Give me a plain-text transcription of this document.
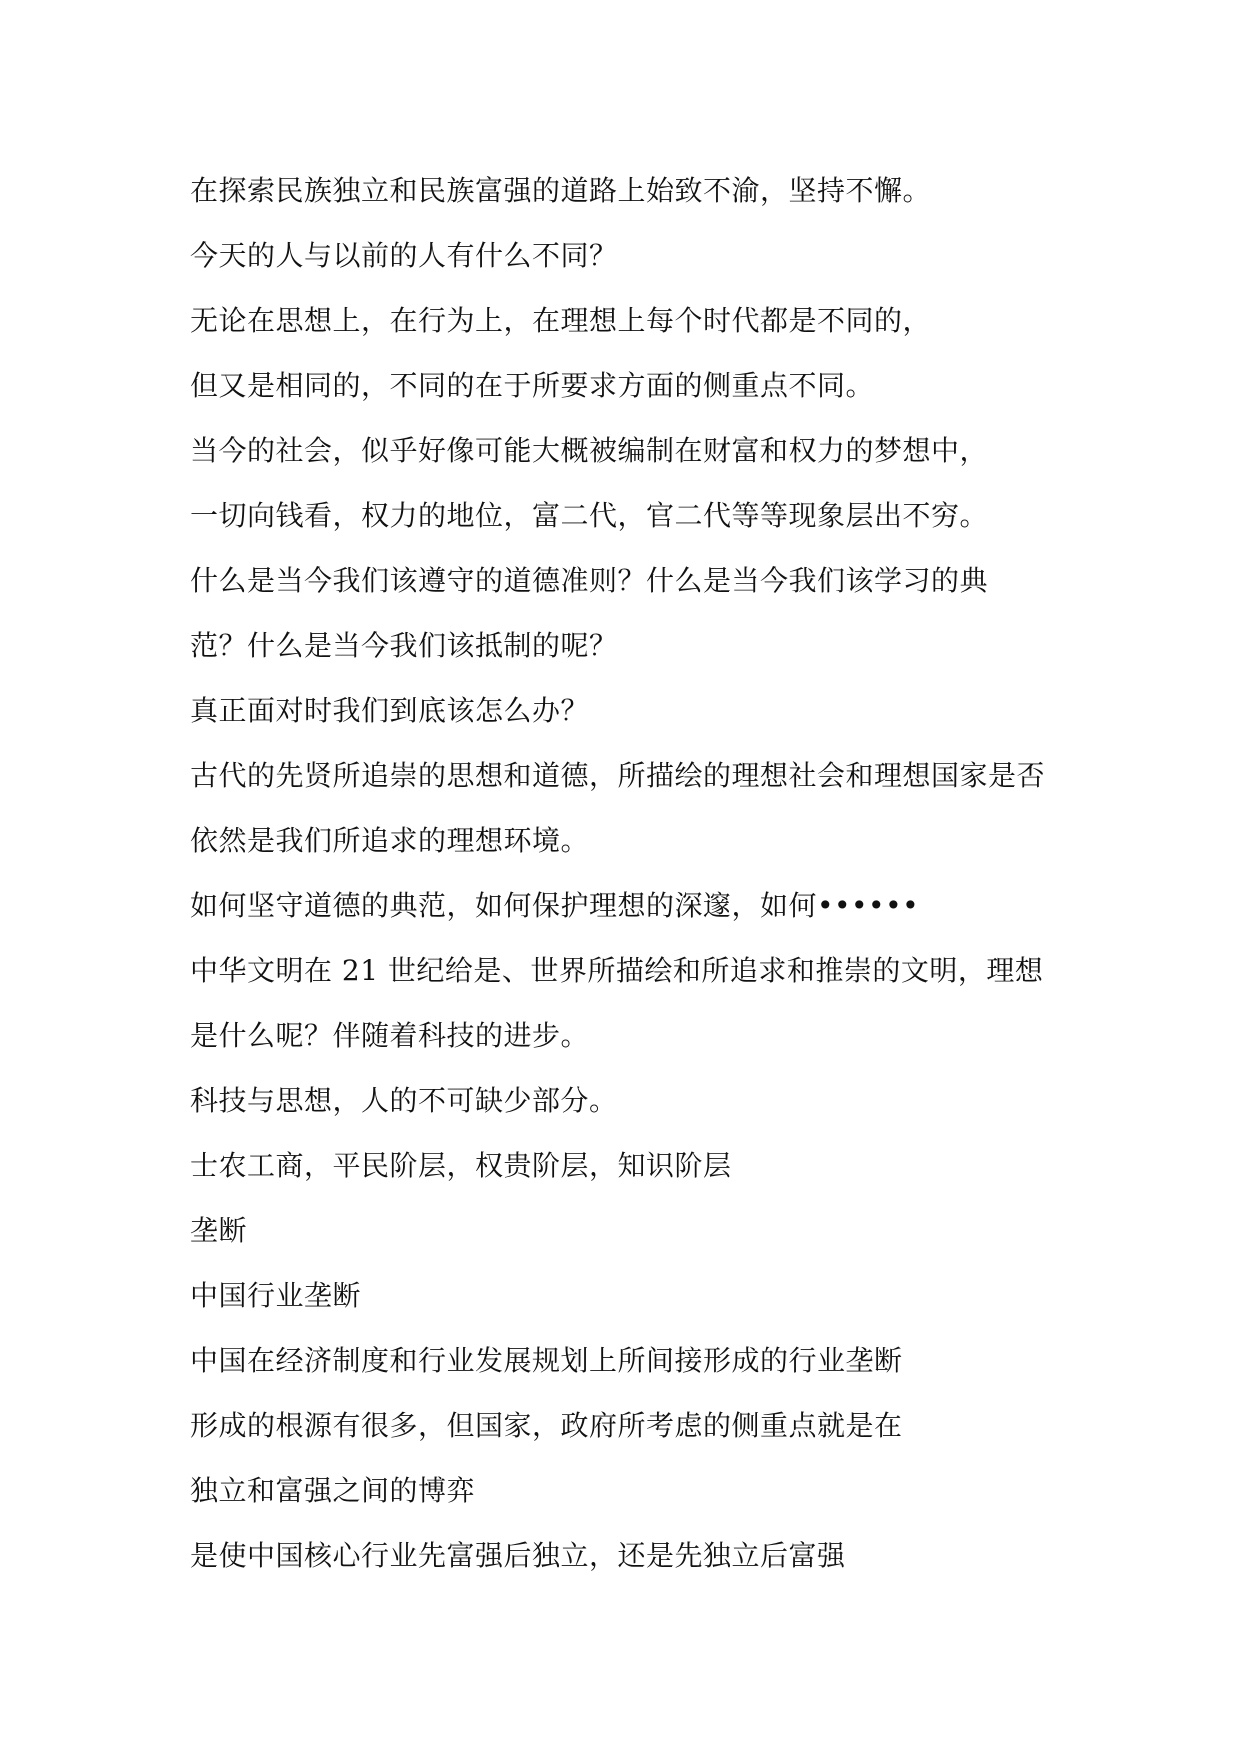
在探索民族独立和民族富强的道路上始致不渝，坚持不懈。
今天的人与以前的人有什么不同？
无论在思想上，在行为上，在理想上每个时代都是不同的，
但又是相同的，不同的在于所要求方面的侧重点不同。
当今的社会，似乎好像可能大概被编制在财富和权力的梦想中，
一切向钱看，权力的地位，富二代，官二代等等现象层出不穷。
什么是当今我们该遵守的道德准则？什么是当今我们该学习的典
范？什么是当今我们该抵制的呢？
真正面对时我们到底该怎么办？
古代的先贤所追崇的思想和道德，所描绘的理想社会和理想国家是否
依然是我们所追求的理想环境。
如何坚守道德的典范，如何保护理想的深邃，如何••••••
中华文明在 21 世纪给是、世界所描绘和所追求和推崇的文明，理想
是什么呢？伴随着科技的进步。
科技与思想，人的不可缺少部分。
士农工商，平民阶层，权贵阶层，知识阶层
垄断
中国行业垄断
中国在经济制度和行业发展规划上所间接形成的行业垄断
形成的根源有很多，但国家，政府所考虑的侧重点就是在
独立和富强之间的博弈
是使中国核心行业先富强后独立，还是先独立后富强
